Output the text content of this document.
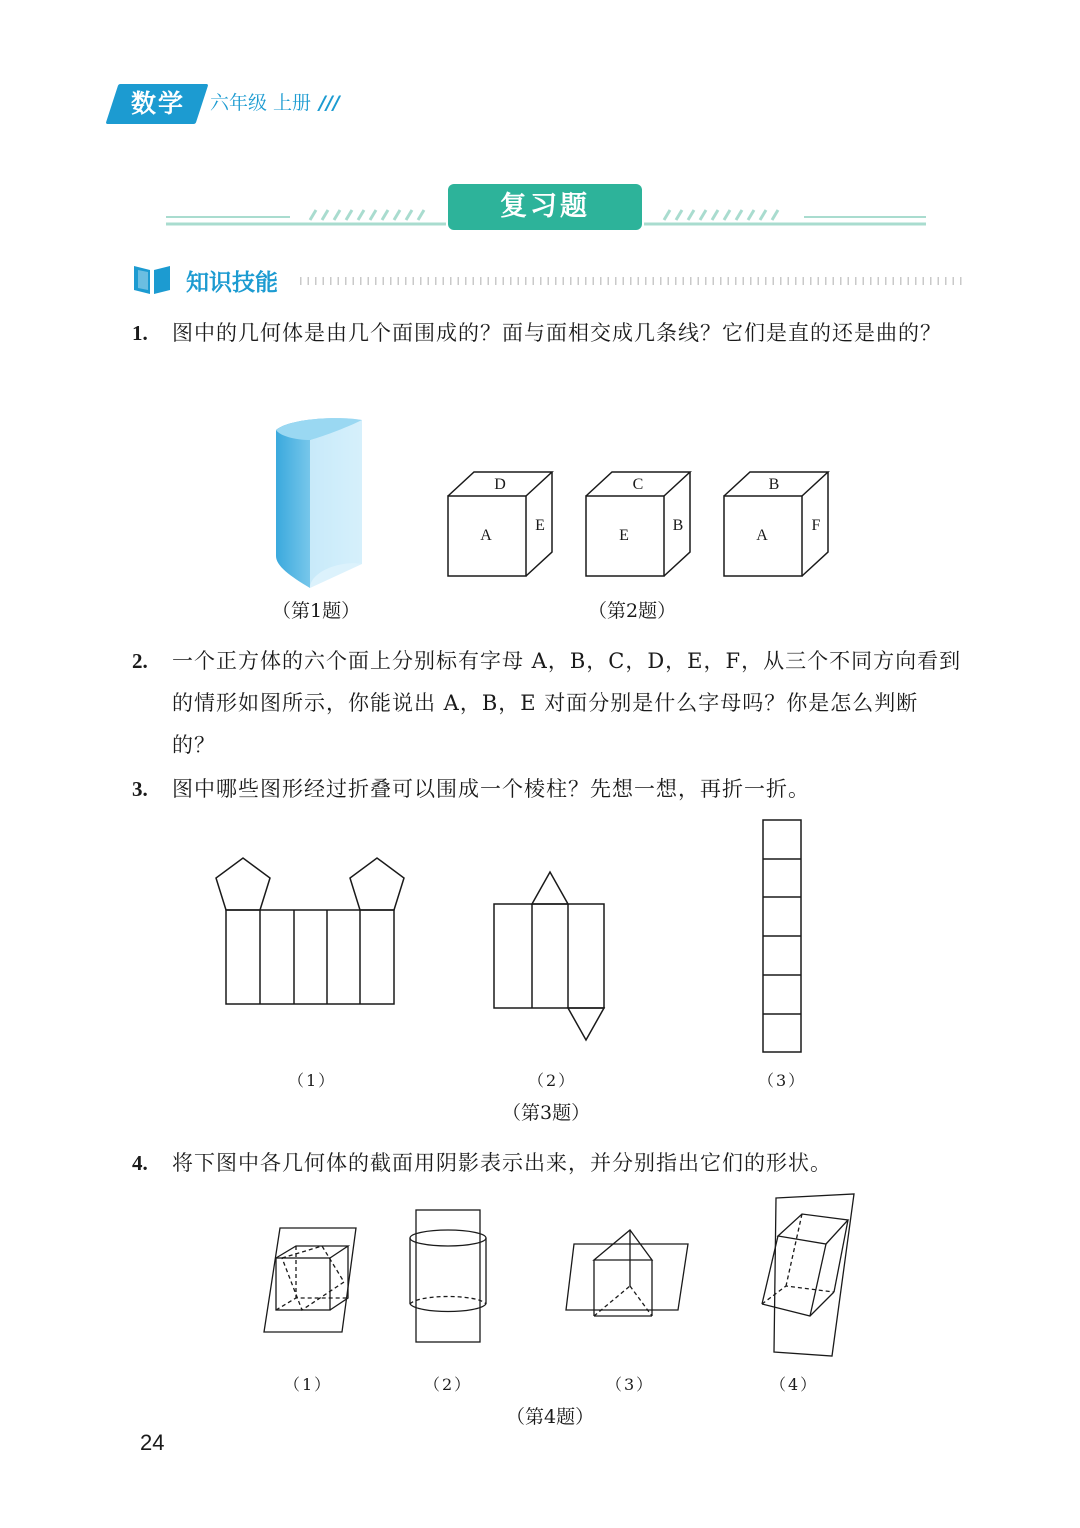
数学	六年级 上册 ///
复习题
知识技能
1. 图中的几何体是由几个面围成的？面与面相交成几条线？它们是直的还是曲的？
D
A
E
C
E
B
B
A
F
（第1题）	（第2题）
2. 一个正方体的六个面上分别标有字母 A，B，C，D，E，F，从三个不同方向看到的情形如图所示，你能说出 A，B，E 对面分别是什么字母吗？你是怎么判断的？
3. 图中哪些图形经过折叠可以围成一个棱柱？先想一想，再折一折。
（1）	（2）	（3）
（第3题）
4. 将下图中各几何体的截面用阴影表示出来，并分别指出它们的形状。
（1）	（2）	（3）	（4）
（第4题）
24
